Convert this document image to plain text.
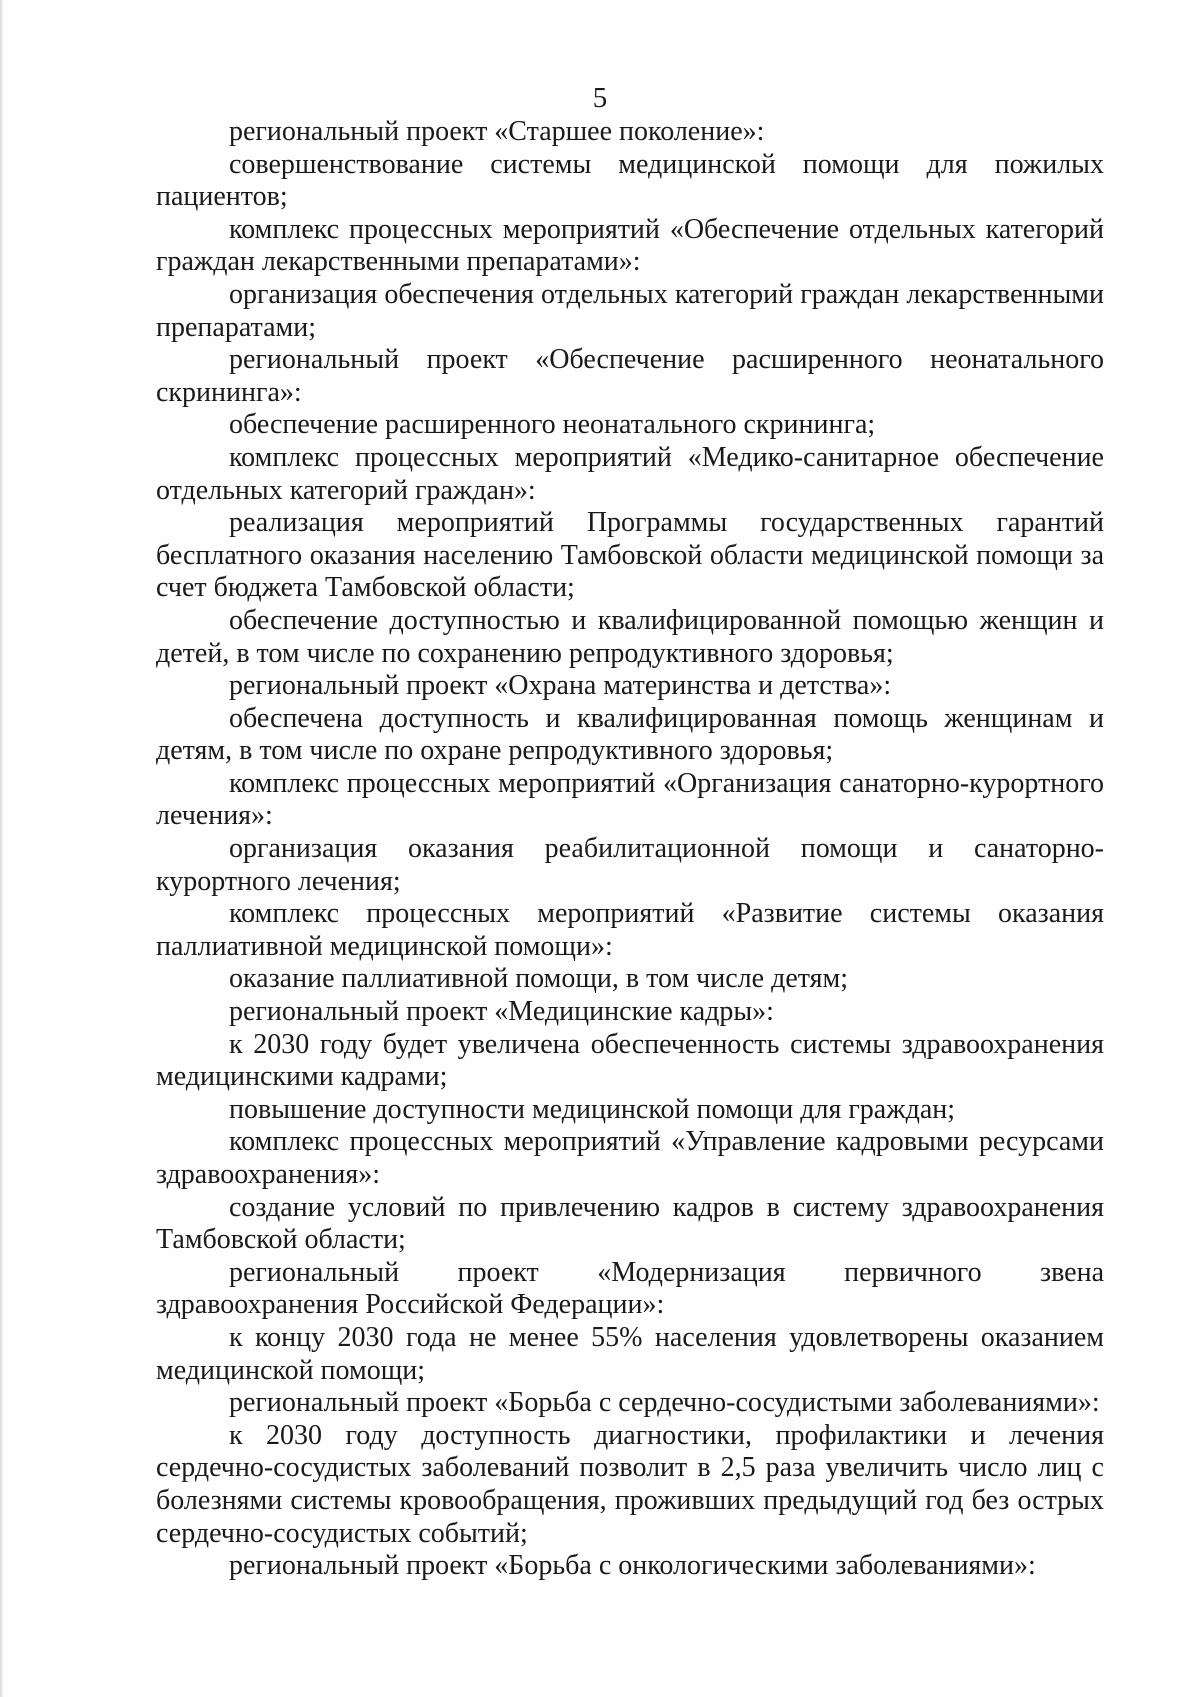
5

региональный проект «Старшее поколение»:

совершенствование системы медицинской помощи для пожилых пациентов;

комплекс процессных мероприятий «Обеспечение отдельных категорий граждан лекарственными препаратами»:

организация обеспечения отдельных категорий граждан лекарственными препаратами;

региональный проект «Обеспечение расширенного неонатального скрининга»:

обеспечение расширенного неонатального скрининга;

комплекс процессных мероприятий «Медико-санитарное обеспечение отдельных категорий граждан»:

реализация мероприятий Программы государственных гарантий бесплатного оказания населению Тамбовской области медицинской помощи за счет бюджета Тамбовской области;

обеспечение доступностью и квалифицированной помощью женщин и детей, в том числе по сохранению репродуктивного здоровья;

региональный проект «Охрана материнства и детства»:

обеспечена доступность и квалифицированная помощь женщинам и детям, в том числе по охране репродуктивного здоровья;

комплекс процессных мероприятий «Организация санаторно-курортного лечения»:

организация оказания реабилитационной помощи и санаторно-курортного лечения;

комплекс процессных мероприятий «Развитие системы оказания паллиативной медицинской помощи»:

оказание паллиативной помощи, в том числе детям;

региональный проект «Медицинские кадры»:

к 2030 году будет увеличена обеспеченность системы здравоохранения медицинскими кадрами;

повышение доступности медицинской помощи для граждан;

комплекс процессных мероприятий «Управление кадровыми ресурсами здравоохранения»:

создание условий по привлечению кадров в систему здравоохранения Тамбовской области;

региональный проект «Модернизация первичного звена здравоохранения Российской Федерации»:

к концу 2030 года не менее 55% населения удовлетворены оказанием медицинской помощи;

региональный проект «Борьба с сердечно-сосудистыми заболеваниями»:

к 2030 году доступность диагностики, профилактики и лечения сердечно-сосудистых заболеваний позволит в 2,5 раза увеличить число лиц с болезнями системы кровообращения, проживших предыдущий год без острых сердечно-сосудистых событий;

региональный проект «Борьба с онкологическими заболеваниями»:
